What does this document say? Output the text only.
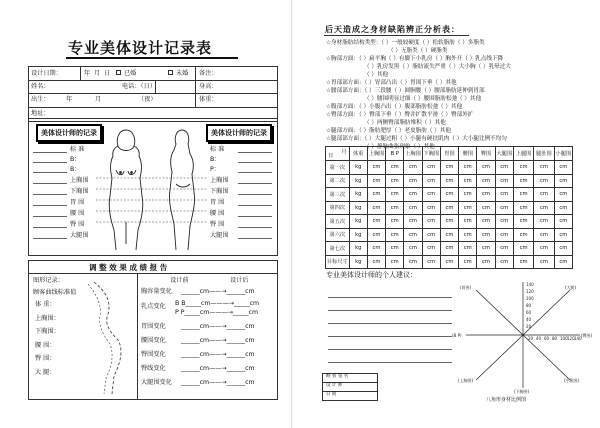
专业美体设计记录表
设计日期：	年 月 日 已婚	未婚 备注：
姓名：	电话：（日）	身高：
出生：	年	月	（夜）	体重：
地址：
美体设计师的记录	美体设计师的记录
标 准
B：
B：
上胸围
下胸围
胃 围
腰 围
臀 围
大腿围
标 准
B：
P：
上胸围
下胸围
胃 围
腰 围
臀 围
大腿围
调 整 效 果 成 绩 报 告
图形记录：
顾客曲线标准值
体 重：
上胸围：
下胸围：
腰 围：
臀 围：
大 腿：
设计前	设计后
胸容量变化 ______cm——→______cm
乳点变化 B B_____cm———→_____cm
P P_____cm———→_____cm
胃围变化 ______cm——→______cm
腰围变化 ______cm——→______cm
臀围变化 ______cm——→______cm
臀线变化 ______cm——→______cm
大腿围变化 ______cm——→______cm
后天造成之身材缺陷辨正分析表：
☆身材脂肪结构类型：（ ）一般较硬度（ ）松软脂肪（ ）多脂类
（ ）无脂类（ ）硬脂类
☆胸部方面：（ ）扁平胸（ ）有脚下小乳房（ ）胸外开（ ）乳点线下降
（ ）乳房发黑（ ）脂肪流失严重（ ）大小胸（ ）乳晕过大
（ ）其他
☆胃部部方面：（ ）胃部凸出（ ）胃围下垂（ ）其他
☆腰部部方面：（ ）三段腰（ ）圆胴腰（ ）腰部脂肪延伸到胃部
（ ）腰围明显过细（ ）腰围脂肪松弛（ ）其他
☆腹部方面：（ ）小腹凸出（ ）腹部脂肪松弛（ ）其他
☆臀部方面：（ ）臀部下垂（ ）臀并扩散平滑（ ）臀部外扩
（ ）两侧臀部脂肪堆积（ ）其他
☆腿部方面：（ ）脂肪肥厚（ ）老皮脂肪（ ）其他
☆腿部部方面：（ ）大腿过粗（ ）小腿有硬扶肌肉（ ）大小腿比例不均匀
（ ）静脉曲张现象（ ）其他
月
日	体重	上胸围	B P	上胸围	下胸围	胃围	腰围	臀围	大腿围	上腿围	腿肚围	小腿围
第一次	kg	cm	cm	cm	cm	cm	cm	cm	cm	cm	cm	cm
第二次	kg	cm	cm	cm	cm	cm	cm	cm	cm	cm	cm	cm
第三次	kg	cm	cm	cm	cm	cm	cm	cm	cm	cm	cm	cm
第四次	kg	cm	cm	cm	cm	cm	cm	cm	cm	cm	cm	cm
第五次	kg	cm	cm	cm	cm	cm	cm	cm	cm	cm	cm	cm
第六次	kg	cm	cm	cm	cm	cm	cm	cm	cm	cm	cm	cm
第七次	kg	cm	cm	cm	cm	cm	cm	cm	cm	cm	cm	cm
目标尺寸	kg	cm	cm	cm	cm	cm	cm	cm	cm	cm	cm	cm
专业美体设计师的个人建议：
顾 客 签 名
设 计 师
日 期
(胃围)	(大腿)
(B P)	(臀围)
(上胸围)	(小腿围)
(下胸围)
140
120
100
80
60
40
20
20 40 60 80 100 120 140
八角形身材比例图
